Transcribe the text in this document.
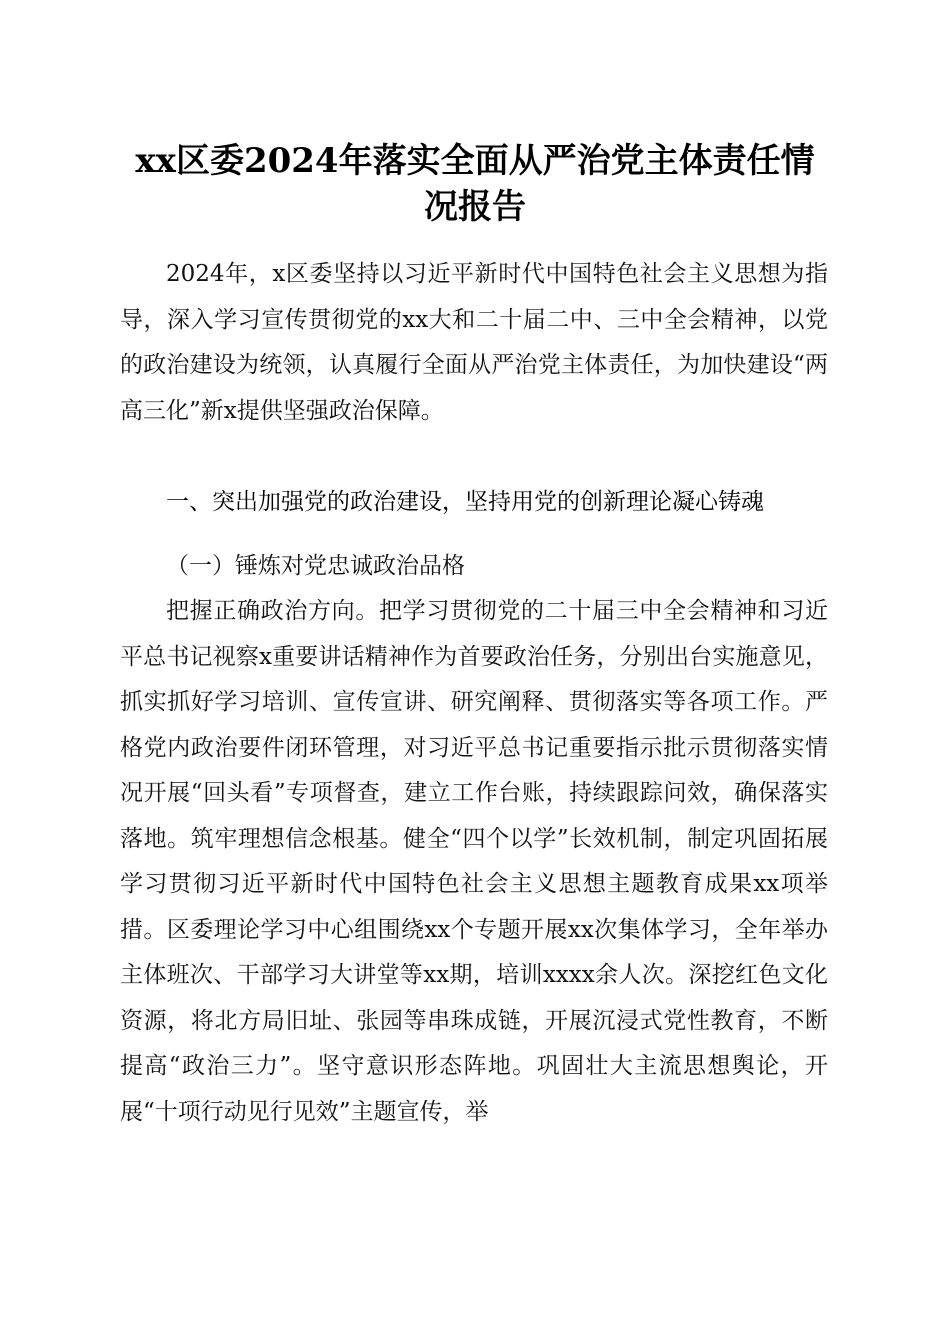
xx区委2024年落实全面从严治党主体责任情况报告
2024年，x区委坚持以习近平新时代中国特色社会主义思想为指导，深入学习宣传贯彻党的xx大和二十届二中、三中全会精神，以党的政治建设为统领，认真履行全面从严治党主体责任，为加快建设“两高三化”新x提供坚强政治保障。
一、突出加强党的政治建设，坚持用党的创新理论凝心铸魂
（一）锤炼对党忠诚政治品格
把握正确政治方向。把学习贯彻党的二十届三中全会精神和习近平总书记视察x重要讲话精神作为首要政治任务，分别出台实施意见，抓实抓好学习培训、宣传宣讲、研究阐释、贯彻落实等各项工作。严格党内政治要件闭环管理，对习近平总书记重要指示批示贯彻落实情况开展“回头看”专项督查，建立工作台账，持续跟踪问效，确保落实落地。筑牢理想信念根基。健全“四个以学”长效机制，制定巩固拓展学习贯彻习近平新时代中国特色社会主义思想主题教育成果xx项举措。区委理论学习中心组围绕xx个专题开展xx次集体学习，全年举办主体班次、干部学习大讲堂等xx期，培训xxxx余人次。深挖红色文化资源，将北方局旧址、张园等串珠成链，开展沉浸式党性教育，不断提高“政治三力”。坚守意识形态阵地。巩固壮大主流思想舆论，开展“十项行动见行见效”主题宣传，举
